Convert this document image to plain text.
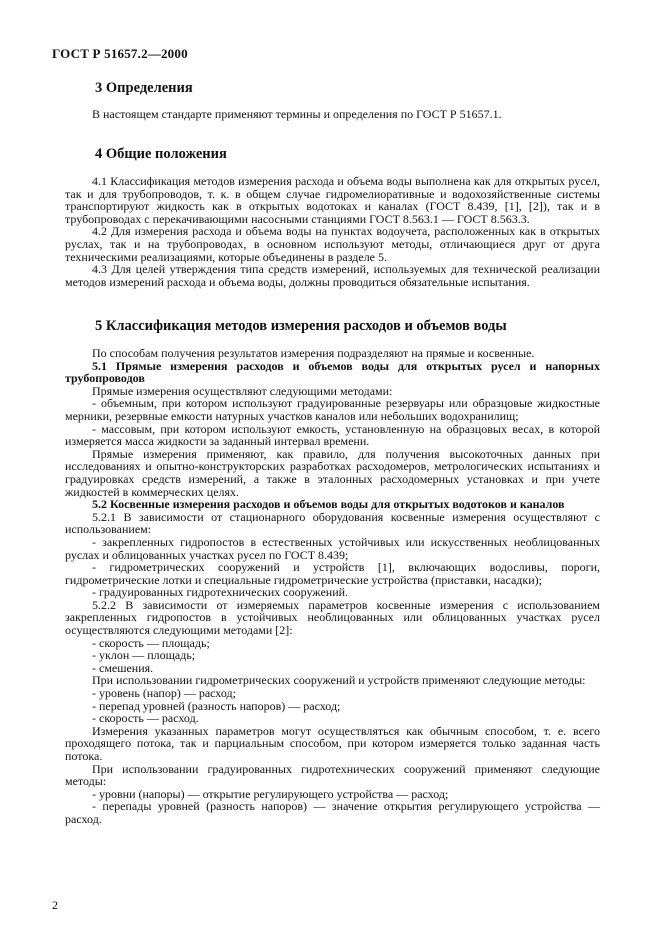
ГОСТ Р 51657.2—2000
3 Определения

В настоящем стандарте применяют термины и определения по ГОСТ Р 51657.1.

4 Общие положения

4.1 Классификация методов измерения расхода и объема воды выполнена как для открытых русел, так и для трубопроводов, т. к. в общем случае гидромелиоративные и водохозяйственные системы транспортируют жидкость как в открытых водотоках и каналах (ГОСТ 8.439, [1], [2]), так и в трубопроводах с перекачивающими насосными станциями ГОСТ 8.563.1 — ГОСТ 8.563.3.

4.2 Для измерения расхода и объема воды на пунктах водоучета, расположенных как в открытых руслах, так и на трубопроводах, в основном используют методы, отличающиеся друг от друга техническими реализациями, которые объединены в разделе 5.

4.3 Для целей утверждения типа средств измерений, используемых для технической реализации методов измерений расхода и объема воды, должны проводиться обязательные испытания.

5 Классификация методов измерения расходов и объемов воды

По способам получения результатов измерения подразделяют на прямые и косвенные.

5.1 Прямые измерения расходов и объемов воды для открытых русел и напорных трубопроводов

Прямые измерения осуществляют следующими методами:

- объемным, при котором используют градуированные резервуары или образцовые жидкостные мерники, резервные емкости натурных участков каналов или небольших водохранилищ;

- массовым, при котором используют емкость, установленную на образцовых весах, в которой измеряется масса жидкости за заданный интервал времени.

Прямые измерения применяют, как правило, для получения высокоточных данных при исследованиях и опытно-конструкторских разработках расходомеров, метрологических испытаниях и градуировках средств измерений, а также в эталонных расходомерных установках и при учете жидкостей в коммерческих целях.

5.2 Косвенные измерения расходов и объемов воды для открытых водотоков и каналов

5.2.1 В зависимости от стационарного оборудования косвенные измерения осуществляют с использованием:

- закрепленных гидропостов в естественных устойчивых или искусственных необлицованных руслах и облицованных участках русел по ГОСТ 8.439;

- гидрометрических сооружений и устройств [1], включающих водосливы, пороги, гидрометрические лотки и специальные гидрометрические устройства (приставки, насадки);

- градуированных гидротехнических сооружений.

5.2.2 В зависимости от измеряемых параметров косвенные измерения с использованием закрепленных гидропостов в устойчивых необлицованных или облицованных участках русел осуществляются следующими методами [2]:

- скорость — площадь;

- уклон — площадь;

- смешения.

При использовании гидрометрических сооружений и устройств применяют следующие методы:

- уровень (напор) — расход;

- перепад уровней (разность напоров) — расход;

- скорость — расход.

Измерения указанных параметров могут осуществляться как обычным способом, т. е. всего проходящего потока, так и парциальным способом, при котором измеряется только заданная часть потока.

При использовании градуированных гидротехнических сооружений применяют следующие методы:

- уровни (напоры) — открытие регулирующего устройства — расход;

- перепады уровней (разность напоров) — значение открытия регулирующего устройства — расход.

2
